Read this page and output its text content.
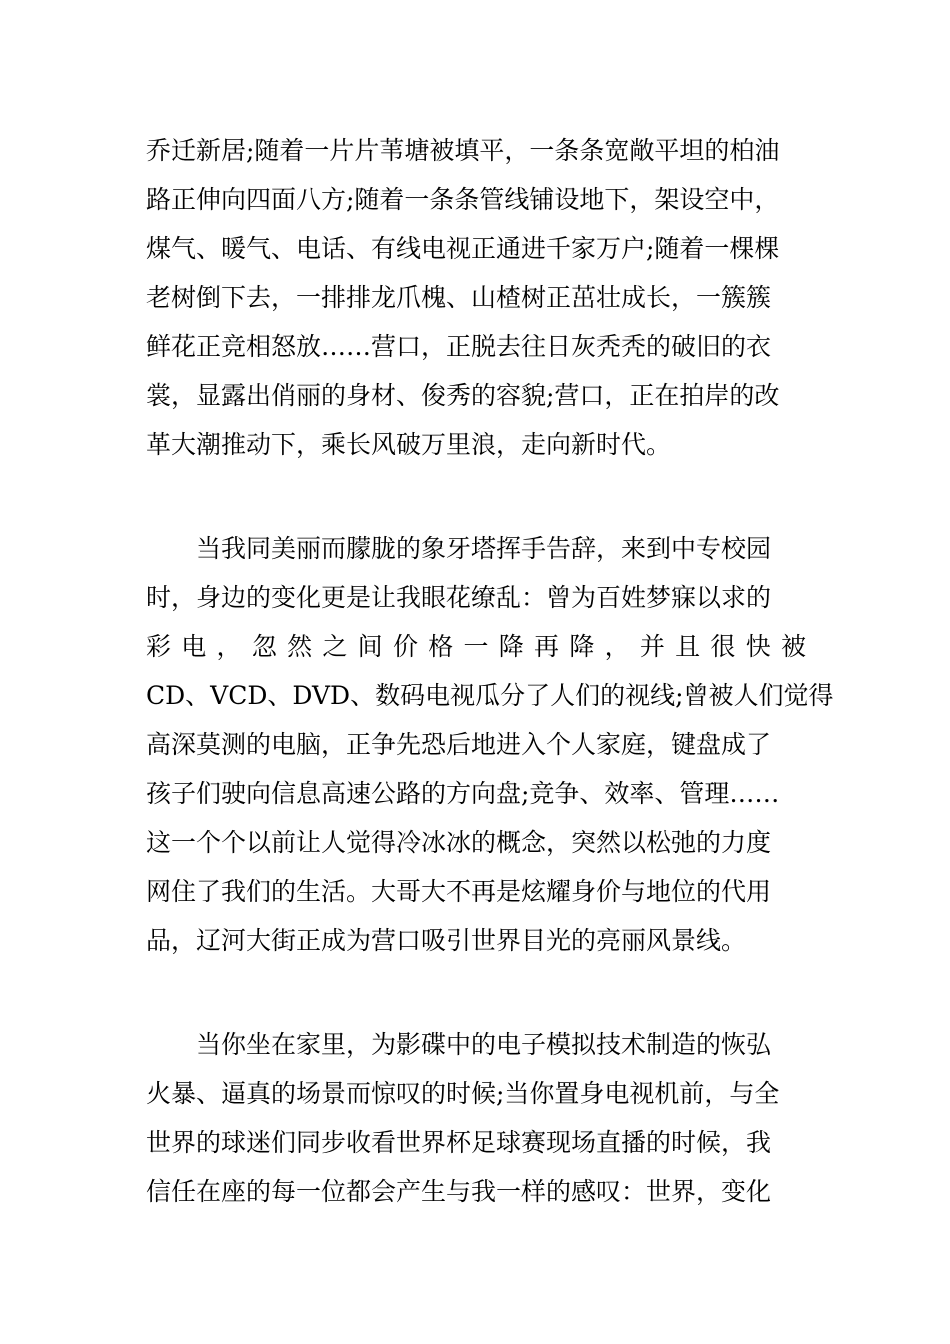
乔迁新居;随着一片片苇塘被填平，一条条宽敞平坦的柏油
路正伸向四面八方;随着一条条管线铺设地下，架设空中，
煤气、暖气、电话、有线电视正通进千家万户;随着一棵棵
老树倒下去，一排排龙爪槐、山楂树正茁壮成长，一簇簇
鲜花正竞相怒放……营口，正脱去往日灰秃秃的破旧的衣
裳，显露出俏丽的身材、俊秀的容貌;营口，正在拍岸的改
革大潮推动下，乘长风破万里浪，走向新时代。
　　当我同美丽而朦胧的象牙塔挥手告辞，来到中专校园
时，身边的变化更是让我眼花缭乱：曾为百姓梦寐以求的
彩电，忽然之间价格一降再降，并且很快被
CD、VCD、DVD、数码电视瓜分了人们的视线;曾被人们觉得
高深莫测的电脑，正争先恐后地进入个人家庭，键盘成了
孩子们驶向信息高速公路的方向盘;竞争、效率、管理……
这一个个以前让人觉得冷冰冰的概念，突然以松弛的力度
网住了我们的生活。大哥大不再是炫耀身价与地位的代用
品，辽河大街正成为营口吸引世界目光的亮丽风景线。
　　当你坐在家里，为影碟中的电子模拟技术制造的恢弘
火暴、逼真的场景而惊叹的时候;当你置身电视机前，与全
世界的球迷们同步收看世界杯足球赛现场直播的时候，我
信任在座的每一位都会产生与我一样的感叹：世界，变化
